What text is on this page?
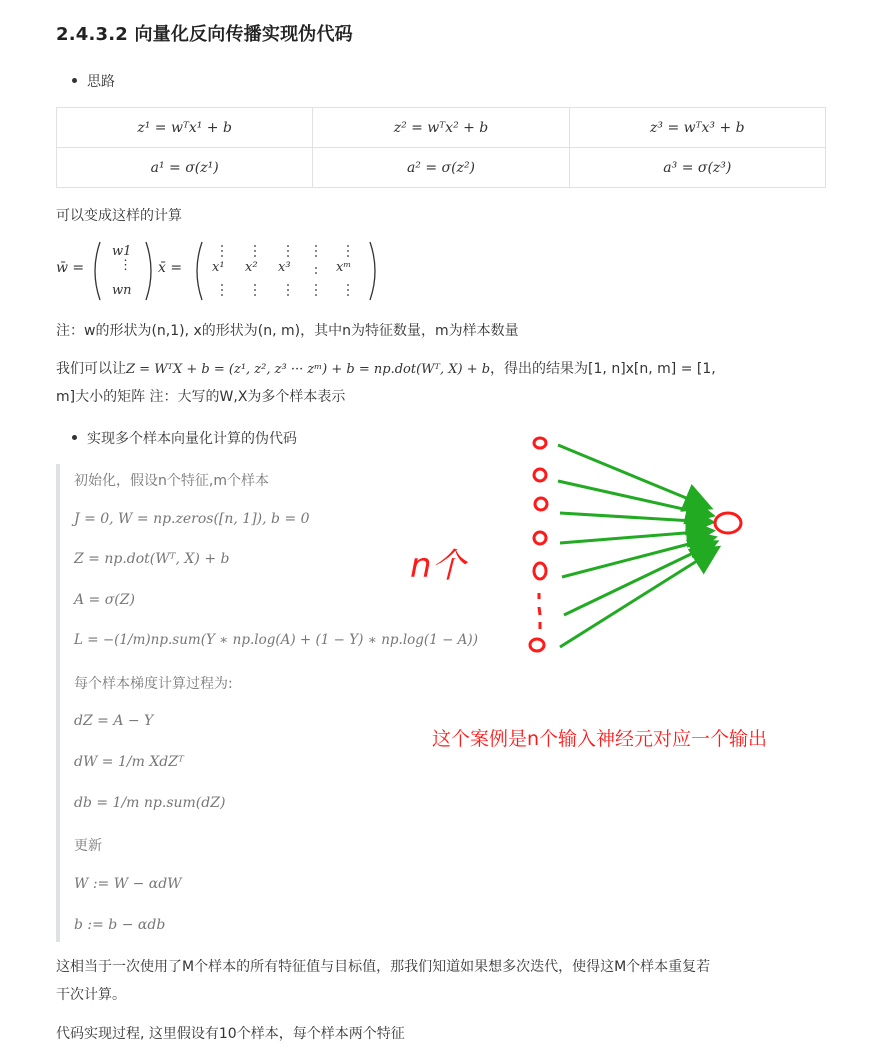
2.4.3.2 向量化反向传播实现伪代码
思路
z¹ = wᵀx¹ + b	z² = wᵀx² + b	z³ = wᵀx³ + b
a¹ = σ(z¹)	a² = σ(z²)	a³ = σ(z³)
可以变成这样的计算
w̄ =
w1
⋮
wn
x̄ = x¹ x² x³	xᵐ
注：w的形状为(n,1), x的形状为(n, m)，其中n为特征数量，m为样本数量
我们可以让Z = WᵀX + b = (z¹, z², z³ ··· zᵐ) + b = np.dot(Wᵀ, X) + b，得出的结果为[1, n]x[n, m] = [1,
m]大小的矩阵 注：大写的W,X为多个样本表示
实现多个样本向量化计算的伪代码
初始化，假设n个特征,m个样本
J = 0, W = np.zeros([n, 1]), b = 0
Z = np.dot(Wᵀ, X) + b
A = σ(Z)
L = −(1/m)np.sum(Y ∗ np.log(A) + (1 − Y) ∗ np.log(1 − A))
每个样本梯度计算过程为:
dZ = A − Y
dW = 1/m XdZᵀ
db = 1/m np.sum(dZ)
更新
W := W − αdW
b := b − αdb
n个
这个案例是n个输入神经元对应一个输出
这相当于一次使用了M个样本的所有特征值与目标值，那我们知道如果想多次迭代，使得这M个样本重复若
干次计算。
代码实现过程, 这里假设有10个样本，每个样本两个特征
